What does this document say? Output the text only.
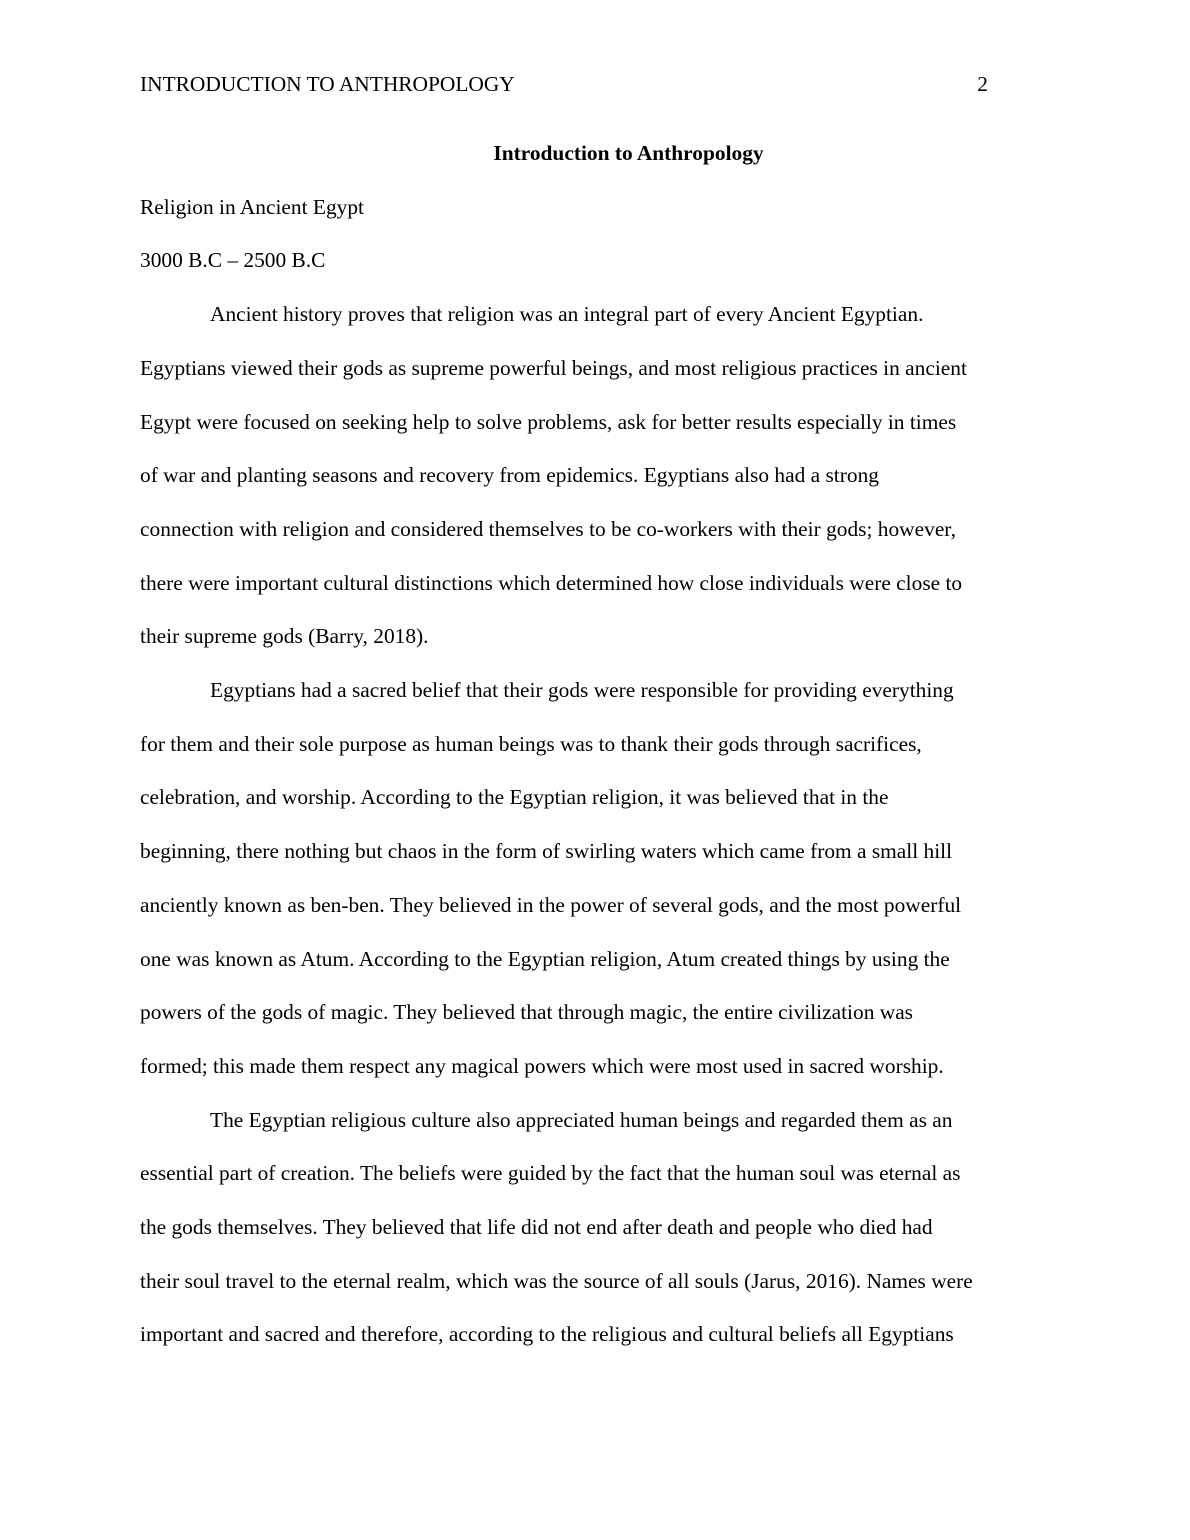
INTRODUCTION TO ANTHROPOLOGY	2

Introduction to Anthropology

Religion in Ancient Egypt

3000 B.C – 2500 B.C

Ancient history proves that religion was an integral part of every Ancient Egyptian.
Egyptians viewed their gods as supreme powerful beings, and most religious practices in ancient
Egypt were focused on seeking help to solve problems, ask for better results especially in times
of war and planting seasons and recovery from epidemics. Egyptians also had a strong
connection with religion and considered themselves to be co-workers with their gods; however,
there were important cultural distinctions which determined how close individuals were close to
their supreme gods (Barry, 2018).
Egyptians had a sacred belief that their gods were responsible for providing everything
for them and their sole purpose as human beings was to thank their gods through sacrifices,
celebration, and worship. According to the Egyptian religion, it was believed that in the
beginning, there nothing but chaos in the form of swirling waters which came from a small hill
anciently known as ben-ben. They believed in the power of several gods, and the most powerful
one was known as Atum. According to the Egyptian religion, Atum created things by using the
powers of the gods of magic. They believed that through magic, the entire civilization was
formed; this made them respect any magical powers which were most used in sacred worship.
The Egyptian religious culture also appreciated human beings and regarded them as an
essential part of creation. The beliefs were guided by the fact that the human soul was eternal as
the gods themselves. They believed that life did not end after death and people who died had
their soul travel to the eternal realm, which was the source of all souls (Jarus, 2016). Names were
important and sacred and therefore, according to the religious and cultural beliefs all Egyptians
